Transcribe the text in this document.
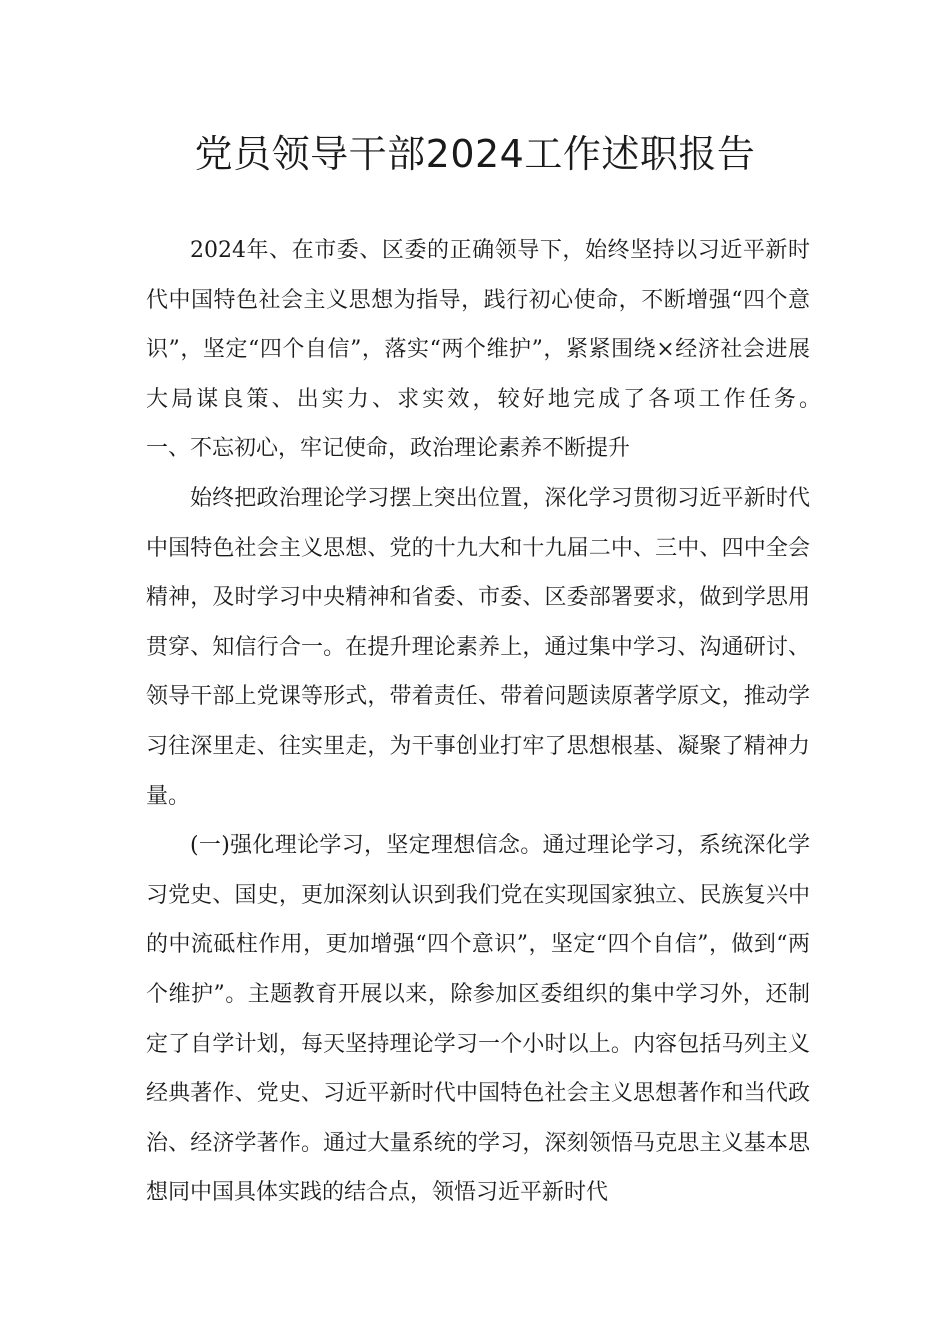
党员领导干部2024工作述职报告

2024年、在市委、区委的正确领导下，始终坚持以习近平新时代中国特色社会主义思想为指导，践行初心使命，不断增强“四个意识”，坚定“四个自信”，落实“两个维护”，紧紧围绕×经济社会进展大局谋良策、出实力、求实效，较好地完成了各项工作任务。　　一、不忘初心，牢记使命，政治理论素养不断提升

始终把政治理论学习摆上突出位置，深化学习贯彻习近平新时代中国特色社会主义思想、党的十九大和十九届二中、三中、四中全会精神，及时学习中央精神和省委、市委、区委部署要求，做到学思用贯穿、知信行合一。在提升理论素养上，通过集中学习、沟通研讨、领导干部上党课等形式，带着责任、带着问题读原著学原文，推动学习往深里走、往实里走，为干事创业打牢了思想根基、凝聚了精神力量。

(一)强化理论学习，坚定理想信念。通过理论学习，系统深化学习党史、国史，更加深刻认识到我们党在实现国家独立、民族复兴中的中流砥柱作用，更加增强“四个意识”，坚定“四个自信”，做到“两个维护”。主题教育开展以来，除参加区委组织的集中学习外，还制定了自学计划，每天坚持理论学习一个小时以上。内容包括马列主义经典著作、党史、习近平新时代中国特色社会主义思想著作和当代政治、经济学著作。通过大量系统的学习，深刻领悟马克思主义基本思想同中国具体实践的结合点，领悟习近平新时代
